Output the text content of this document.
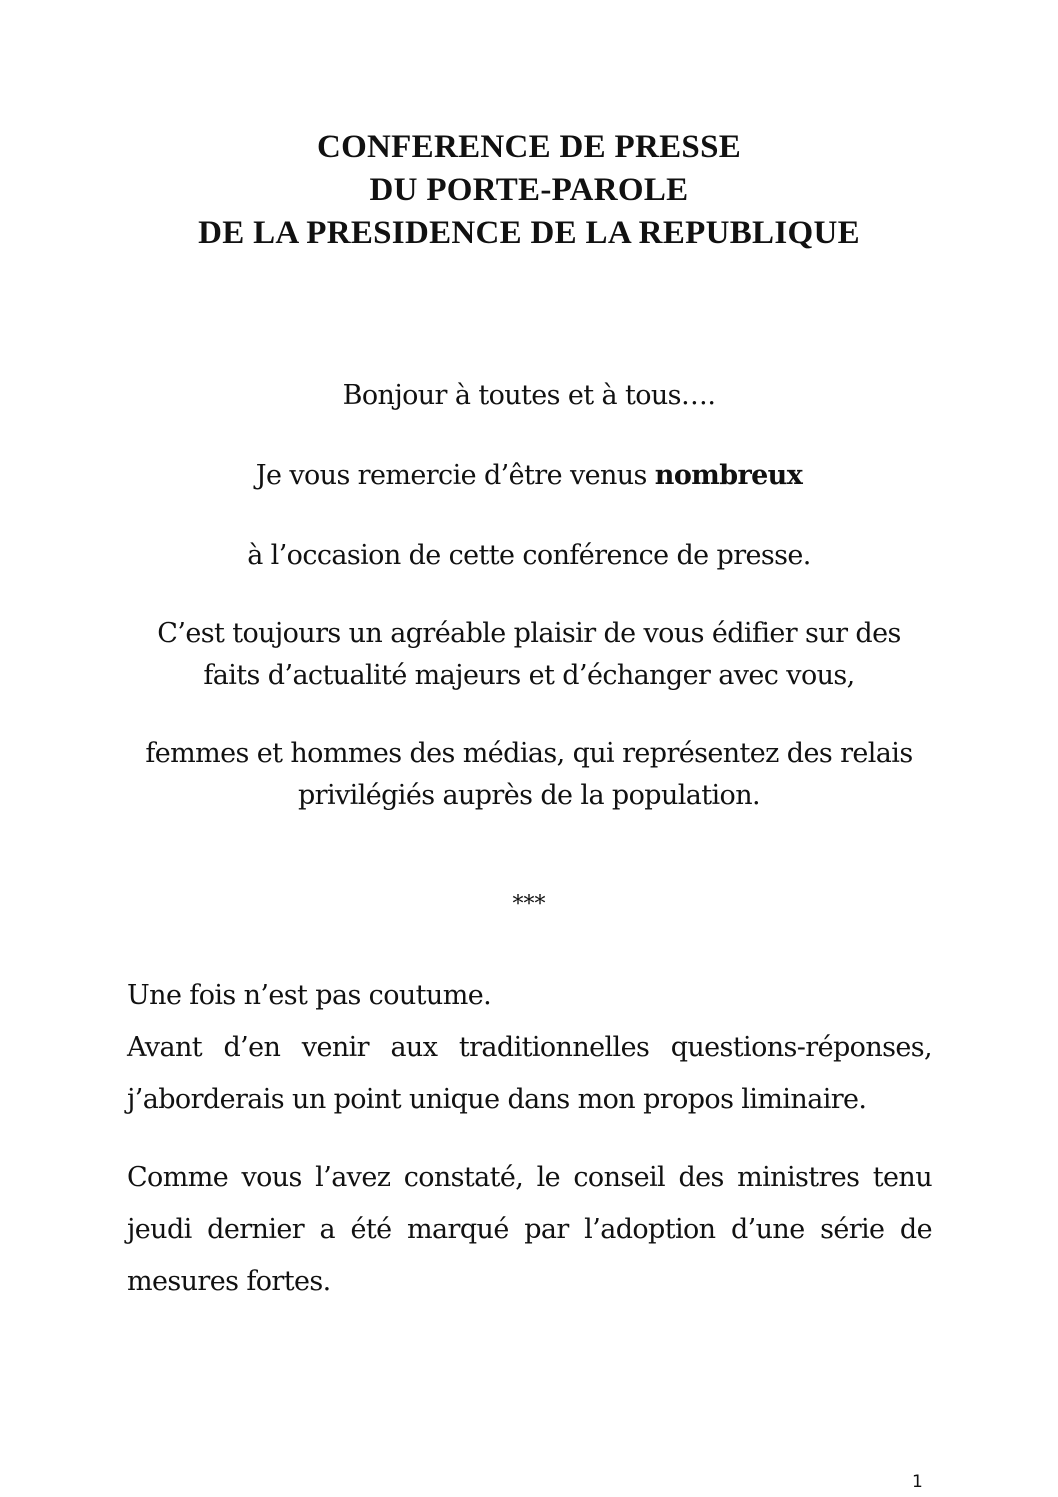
CONFERENCE DE PRESSE
DU PORTE-PAROLE
DE LA PRESIDENCE DE LA REPUBLIQUE
Bonjour à toutes et à tous….
Je vous remercie d’être venus nombreux
à l’occasion de cette conférence de presse.
C’est toujours un agréable plaisir de vous édifier sur des
faits d’actualité majeurs et d’échanger avec vous,
femmes et hommes des médias, qui représentez des relais
privilégiés auprès de la population.
***
Une fois n’est pas coutume.
Avant d’en venir aux traditionnelles questions-réponses,
j’aborderais un point unique dans mon propos liminaire.
Comme vous l’avez constaté, le conseil des ministres tenu
jeudi dernier a été marqué par l’adoption d’une série de
mesures fortes.
1
